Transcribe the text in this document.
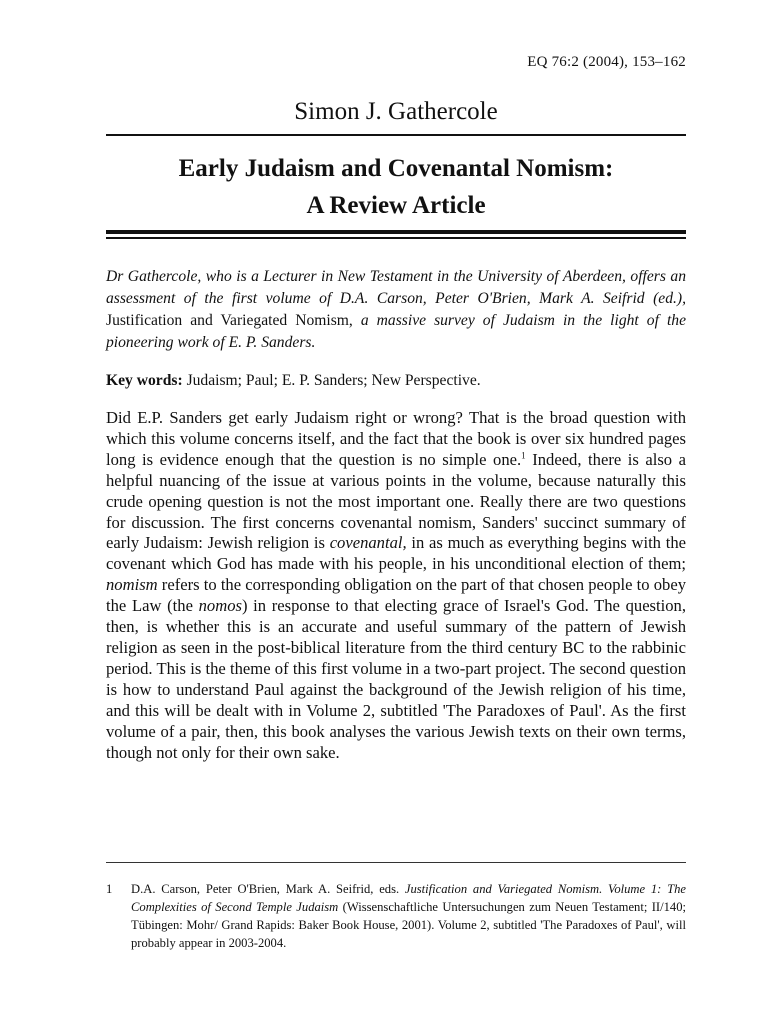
EQ 76:2 (2004), 153–162
Simon J. Gathercole
Early Judaism and Covenantal Nomism:
A Review Article
Dr Gathercole, who is a Lecturer in New Testament in the University of Aberdeen, offers an assessment of the first volume of D.A. Carson, Peter O'Brien, Mark A. Seifrid (ed.), Justification and Variegated Nomism, a massive survey of Judaism in the light of the pioneering work of E. P. Sanders.
Key words: Judaism; Paul; E. P. Sanders; New Perspective.
Did E.P. Sanders get early Judaism right or wrong? That is the broad question with which this volume concerns itself, and the fact that the book is over six hundred pages long is evidence enough that the question is no simple one.$^1$ Indeed, there is also a helpful nuancing of the issue at various points in the volume, because naturally this crude opening question is not the most important one. Really there are two questions for discussion. The first concerns covenantal nomism, Sanders' succinct summary of early Judaism: Jewish religion is covenantal, in as much as everything begins with the covenant which God has made with his people, in his unconditional election of them; nomism refers to the corresponding obligation on the part of that chosen people to obey the Law (the nomos) in response to that electing grace of Israel's God. The question, then, is whether this is an accurate and useful summary of the pattern of Jewish religion as seen in the post-biblical literature from the third century BC to the rabbinic period. This is the theme of this first volume in a two-part project. The second question is how to understand Paul against the background of the Jewish religion of his time, and this will be dealt with in Volume 2, subtitled 'The Paradoxes of Paul'. As the first volume of a pair, then, this book analyses the various Jewish texts on their own terms, though not only for their own sake.
1 D.A. Carson, Peter O'Brien, Mark A. Seifrid, eds. Justification and Variegated Nomism. Volume 1: The Complexities of Second Temple Judaism (Wissenschaftliche Untersuchungen zum Neuen Testament; II/140; Tübingen: Mohr/ Grand Rapids: Baker Book House, 2001). Volume 2, subtitled 'The Paradoxes of Paul', will probably appear in 2003-2004.
